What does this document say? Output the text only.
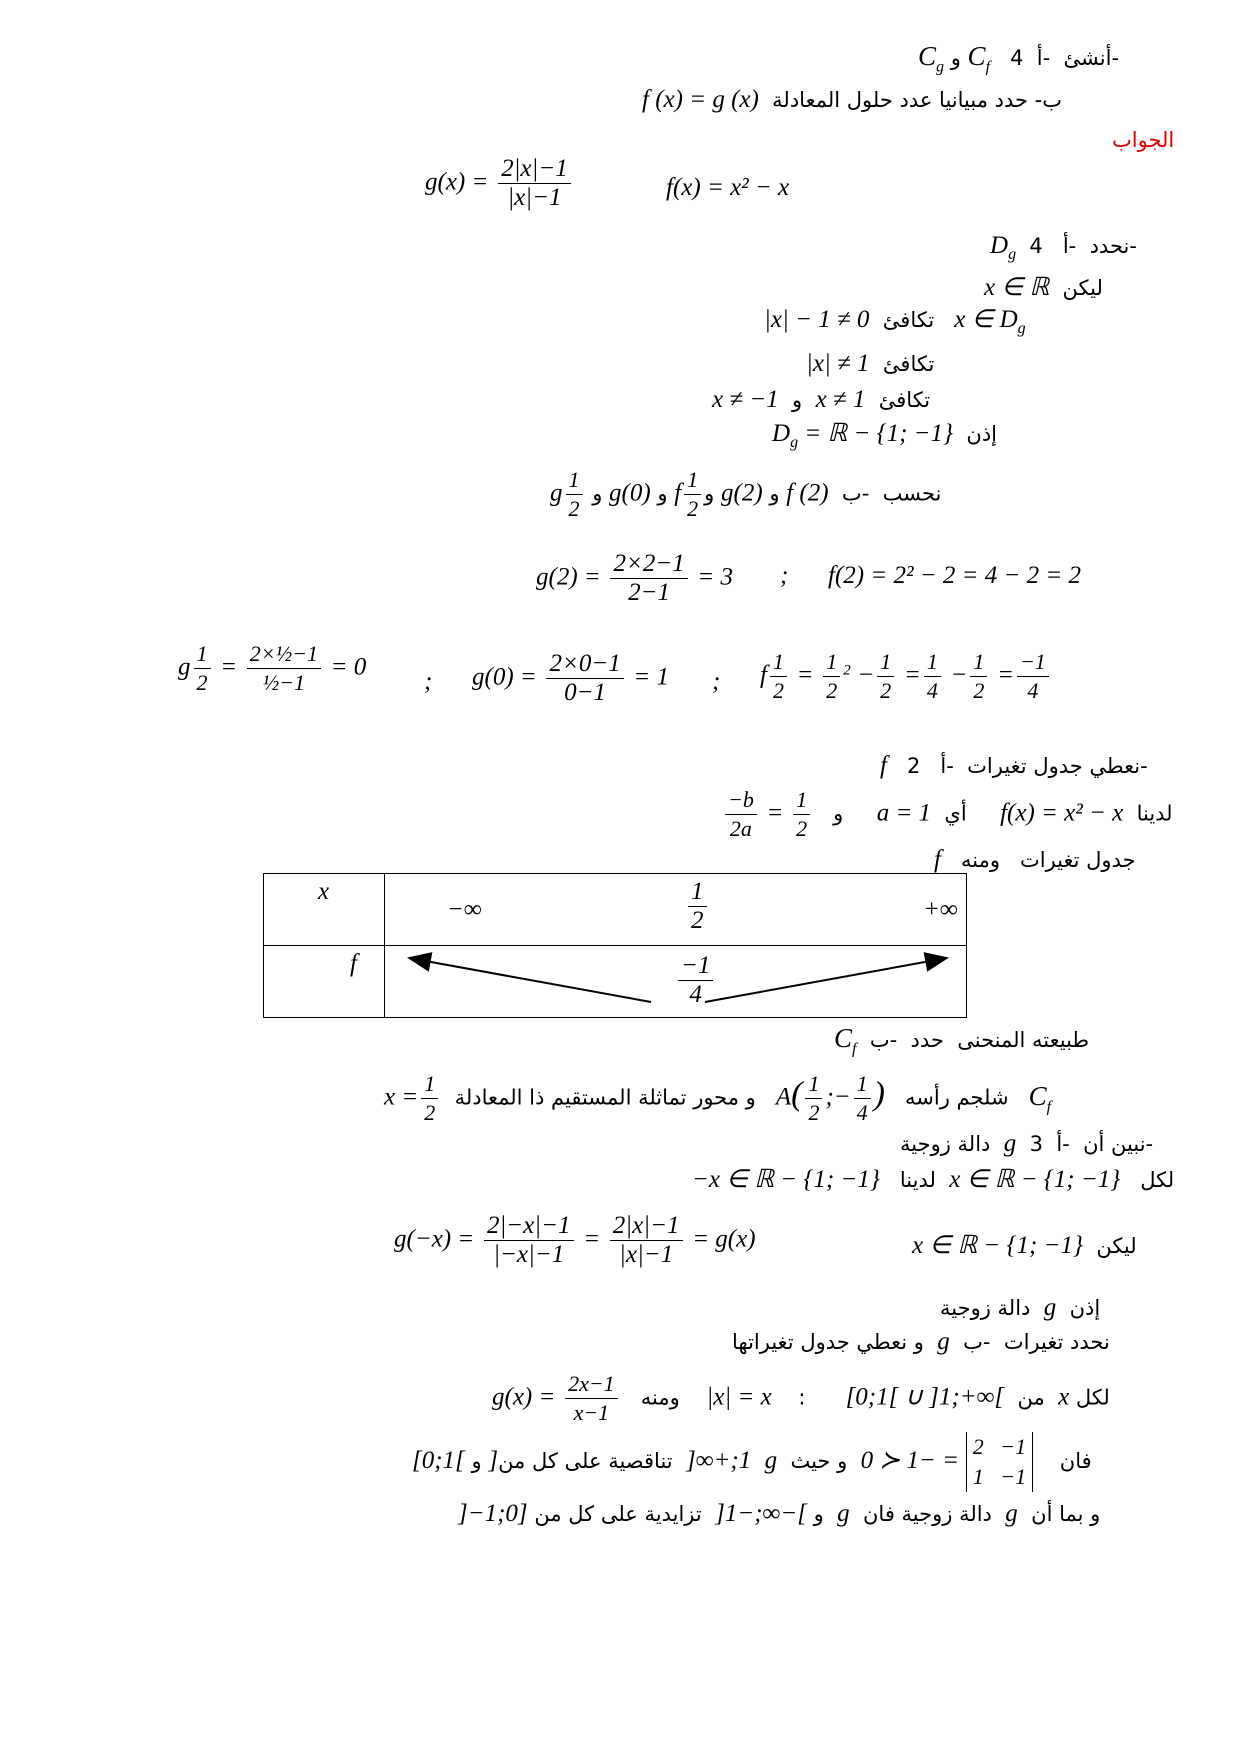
$C_g$ و $C_f$   أنشئ  -أ  4-
f (x) = g (x) ب- حدد مبيانيا عدد حلول المعادلة
الجواب
$g(x) = \frac{2|x|-1}{|x|-1}$	f(x) = x² − x
$D_g$  نحدد  -أ   4-
x ∈ ℝ ليكن
|x| − 1 ≠ 0 تكافئ x ∈ $D_g$
|x| ≠ 1 تكافئ
x ≠ −1  و  x ≠ 1 تكافئ
$D_g$ = ℝ − {1; −1} إذن
g $\frac{1}{2}$ و g(0) و f $\frac{1}{2}$ و g(2) و f (2)  نحسب  -ب
$g(2) = \frac{2\times 2-1}{2-1} = 3$ ; f(2) = 2² − 2 = 4 − 2 = 2
g $\frac{1}{2} = \frac{\text{2×½−1}}{\text{½−1}} = 0$
; $g(0) = \frac{2\times 0-1}{0-1} = 1$ ; f $\frac{1}{2} = \frac{1}{2} ^2 - \frac{1}{2} = \frac{1}{4} - \frac{1}{2} = \frac{-1}{4}$
f   نعطي جدول تغيرات  -أ   2-
$\frac{-b}{2a} = \frac{1}{2}$ و     a = 1 أي f(x) = x² − x لدينا
f   جدول تغيرات   ومنه
x	−∞ $\frac{1}{2}$ +∞

f	$\frac{-1}{4}$
$C_f$  طبيعته المنحنى  حدد  -ب
$x = \frac{1}{2}$ و محور تماثلة المستقيم ذا المعادلة $A( \frac{1}{2}$ ;− $\frac{1}{4}$ ) شلجم رأسه $C_f$
دالة زوجية  g  نبين أن  -أ  3-
−x ∈ ℝ − {1; −1} لدينا x ∈ ℝ − {1; −1} لكل
$g(-x) = \frac{2|-x|-1}{|-x|-1} = \frac{2|x|-1}{|x|-1} = g(x)$	x ∈ ℝ − {1; −1} ليكن
دالة زوجية  g  إذن
و نعطي جدول تغيراتها  g  نحدد تغيرات  -ب
$g(x) = \frac{2x-1}{x-1}$ ومنه |x| = x    :      [0;1[ ∪ ]1;+∞[  من  x لكل
[0;1[ و ]1;+∞[  تناقصية على كل من  g  فان    2   −1
1   −1 = −1 ≺ 0  و حيث
]−1;0] و ]−∞;−1[  تزايدية على كل من  g  دالة زوجية فان  g  و بما أن
